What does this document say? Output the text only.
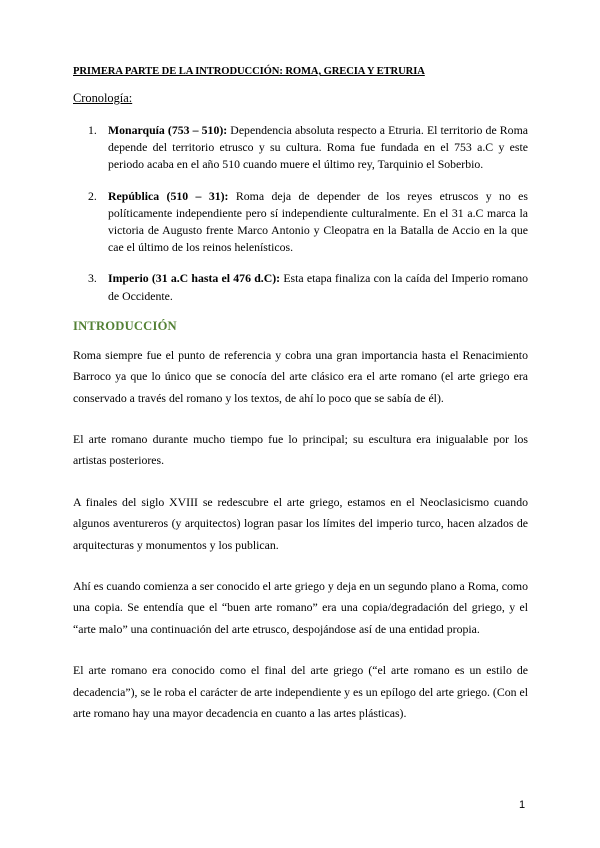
PRIMERA PARTE DE LA INTRODUCCIÓN: ROMA, GRECIA Y ETRURIA

Cronología:

1. Monarquía (753 – 510): Dependencia absoluta respecto a Etruria. El territorio de Roma depende del territorio etrusco y su cultura. Roma fue fundada en el 753 a.C y este periodo acaba en el año 510 cuando muere el último rey, Tarquinio el Soberbio.
2. República (510 – 31): Roma deja de depender de los reyes etruscos y no es políticamente independiente pero sí independiente culturalmente. En el 31 a.C marca la victoria de Augusto frente Marco Antonio y Cleopatra en la Batalla de Accio en la que cae el último de los reinos helenísticos.
3. Imperio (31 a.C hasta el 476 d.C): Esta etapa finaliza con la caída del Imperio romano de Occidente.

INTRODUCCIÓN

Roma siempre fue el punto de referencia y cobra una gran importancia hasta el Renacimiento Barroco ya que lo único que se conocía del arte clásico era el arte romano (el arte griego era conservado a través del romano y los textos, de ahí lo poco que se sabía de él).

El arte romano durante mucho tiempo fue lo principal; su escultura era inigualable por los artistas posteriores.

A finales del siglo XVIII se redescubre el arte griego, estamos en el Neoclasicismo cuando algunos aventureros (y arquitectos) logran pasar los límites del imperio turco, hacen alzados de arquitecturas y monumentos y los publican.

Ahí es cuando comienza a ser conocido el arte griego y deja en un segundo plano a Roma, como una copia. Se entendía que el “buen arte romano” era una copia/degradación del griego, y el “arte malo” una continuación del arte etrusco, despojándose así de una entidad propia.

El arte romano era conocido como el final del arte griego (“el arte romano es un estilo de decadencia”), se le roba el carácter de arte independiente y es un epílogo del arte griego. (Con el arte romano hay una mayor decadencia en cuanto a las artes plásticas).

1
